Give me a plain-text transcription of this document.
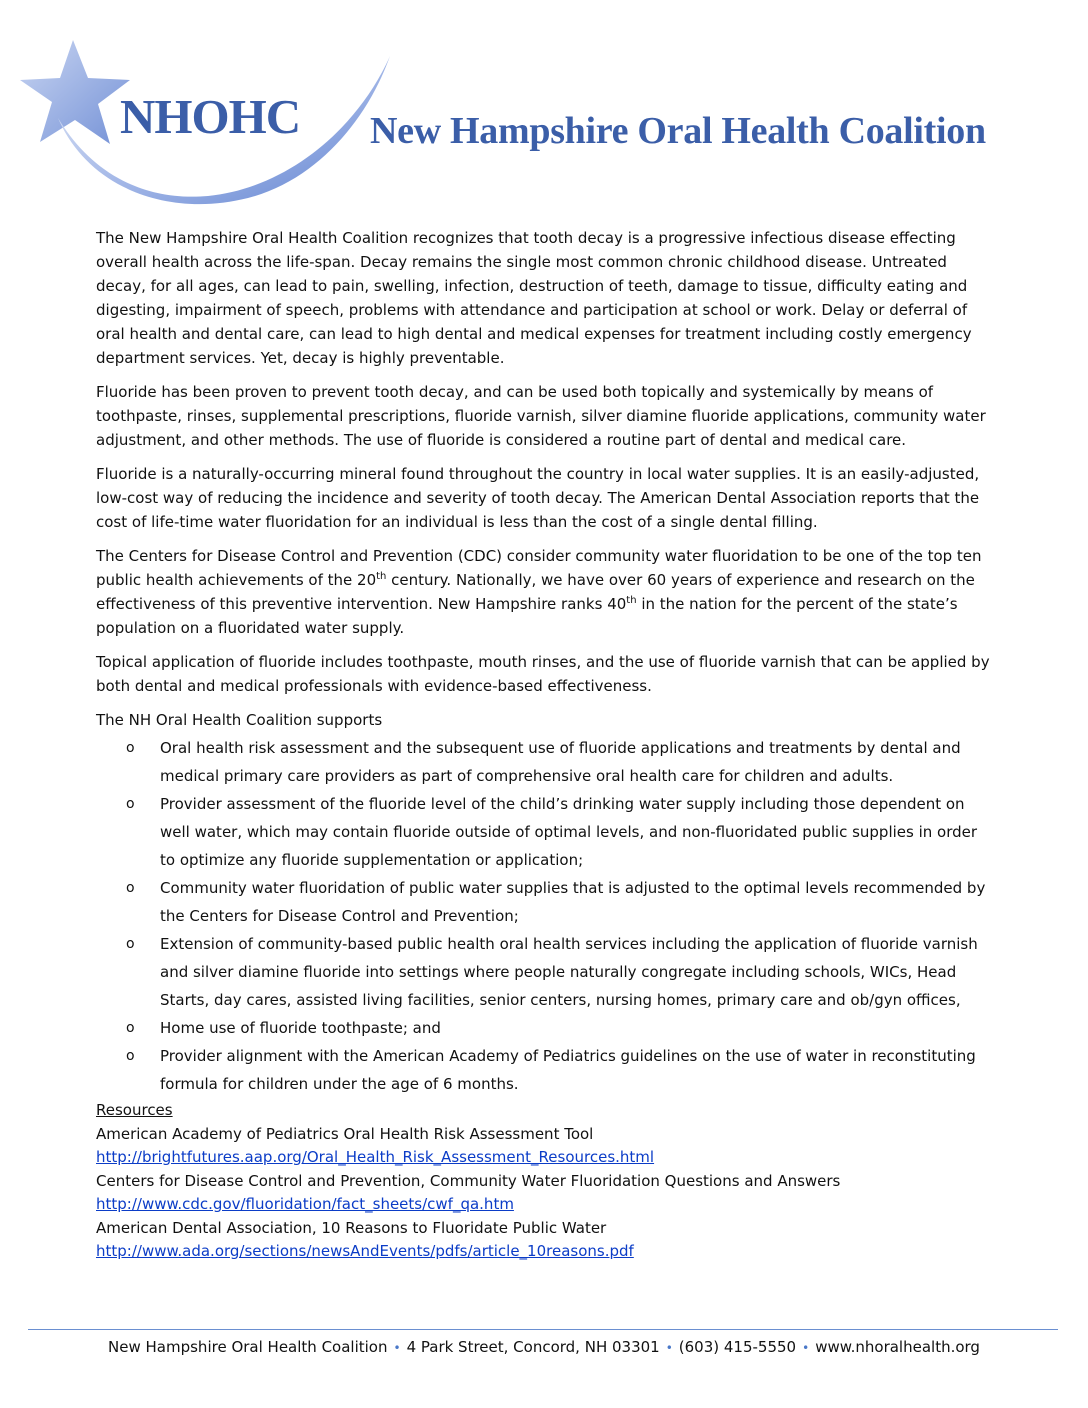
NHOHC New Hampshire Oral Health Coalition

The New Hampshire Oral Health Coalition recognizes that tooth decay is a progressive infectious disease effecting overall health across the life-span. Decay remains the single most common chronic childhood disease. Untreated decay, for all ages, can lead to pain, swelling, infection, destruction of teeth, damage to tissue, difficulty eating and digesting, impairment of speech, problems with attendance and participation at school or work. Delay or deferral of oral health and dental care, can lead to high dental and medical expenses for treatment including costly emergency department services. Yet, decay is highly preventable.

Fluoride has been proven to prevent tooth decay, and can be used both topically and systemically by means of toothpaste, rinses, supplemental prescriptions, fluoride varnish, silver diamine fluoride applications, community water adjustment, and other methods. The use of fluoride is considered a routine part of dental and medical care.

Fluoride is a naturally-occurring mineral found throughout the country in local water supplies. It is an easily-adjusted, low-cost way of reducing the incidence and severity of tooth decay. The American Dental Association reports that the cost of life-time water fluoridation for an individual is less than the cost of a single dental filling.

The Centers for Disease Control and Prevention (CDC) consider community water fluoridation to be one of the top ten public health achievements of the 20th century. Nationally, we have over 60 years of experience and research on the effectiveness of this preventive intervention. New Hampshire ranks 40th in the nation for the percent of the state’s population on a fluoridated water supply.

Topical application of fluoride includes toothpaste, mouth rinses, and the use of fluoride varnish that can be applied by both dental and medical professionals with evidence-based effectiveness.

The NH Oral Health Coalition supports

o Oral health risk assessment and the subsequent use of fluoride applications and treatments by dental and medical primary care providers as part of comprehensive oral health care for children and adults.
o Provider assessment of the fluoride level of the child’s drinking water supply including those dependent on well water, which may contain fluoride outside of optimal levels, and non-fluoridated public supplies in order to optimize any fluoride supplementation or application;
o Community water fluoridation of public water supplies that is adjusted to the optimal levels recommended by the Centers for Disease Control and Prevention;
o Extension of community-based public health oral health services including the application of fluoride varnish and silver diamine fluoride into settings where people naturally congregate including schools, WICs, Head Starts, day cares, assisted living facilities, senior centers, nursing homes, primary care and ob/gyn offices,
o Home use of fluoride toothpaste; and
o Provider alignment with the American Academy of Pediatrics guidelines on the use of water in reconstituting formula for children under the age of 6 months.
Resources
American Academy of Pediatrics Oral Health Risk Assessment Tool
http://brightfutures.aap.org/Oral_Health_Risk_Assessment_Resources.html
Centers for Disease Control and Prevention, Community Water Fluoridation Questions and Answers
http://www.cdc.gov/fluoridation/fact_sheets/cwf_qa.htm
American Dental Association, 10 Reasons to Fluoridate Public Water
http://www.ada.org/sections/newsAndEvents/pdfs/article_10reasons.pdf
New Hampshire Oral Health Coalition • 4 Park Street, Concord, NH 03301 • (603) 415-5550 • www.nhoralhealth.org
